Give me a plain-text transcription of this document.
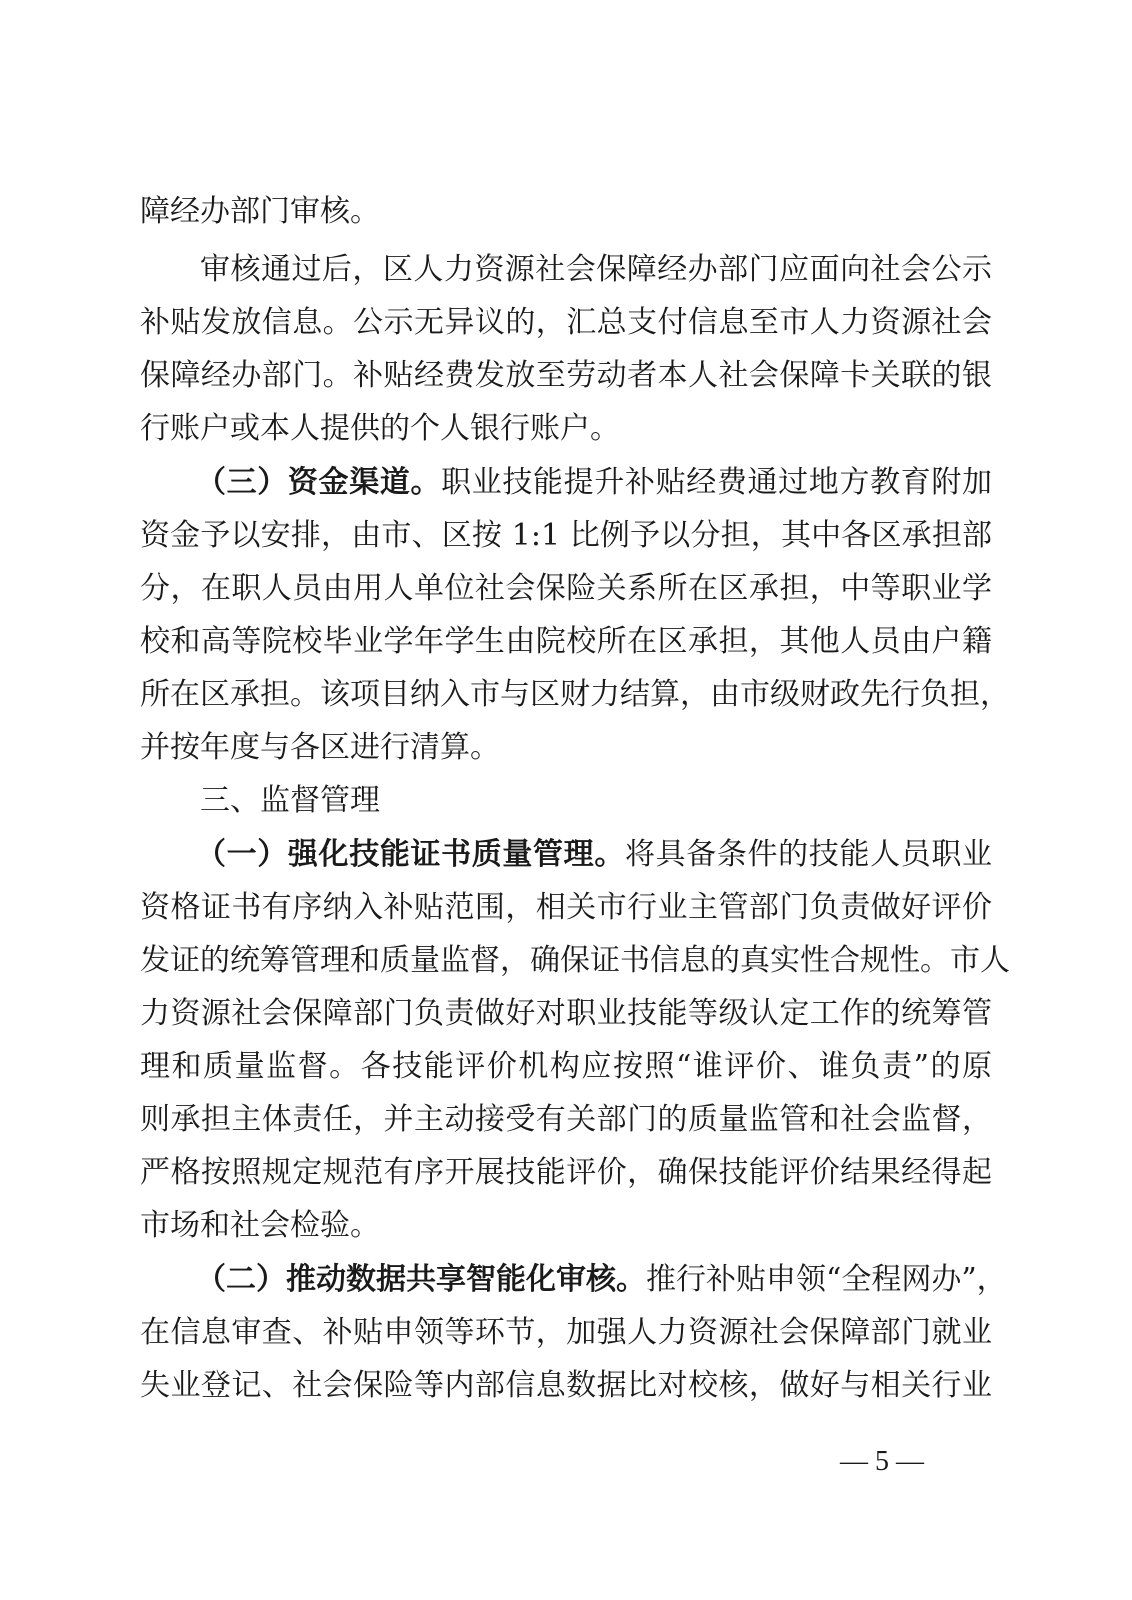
障经办部门审核。
审核通过后，区人力资源社会保障经办部门应面向社会公示
补贴发放信息。公示无异议的，汇总支付信息至市人力资源社会
保障经办部门。补贴经费发放至劳动者本人社会保障卡关联的银
行账户或本人提供的个人银行账户。
（三）资金渠道。职业技能提升补贴经费通过地方教育附加
资金予以安排，由市、区按 1:1 比例予以分担，其中各区承担部
分，在职人员由用人单位社会保险关系所在区承担，中等职业学
校和高等院校毕业学年学生由院校所在区承担，其他人员由户籍
所在区承担。该项目纳入市与区财力结算，由市级财政先行负担，
并按年度与各区进行清算。
三、监督管理
（一）强化技能证书质量管理。将具备条件的技能人员职业
资格证书有序纳入补贴范围，相关市行业主管部门负责做好评价
发证的统筹管理和质量监督，确保证书信息的真实性合规性。市人
力资源社会保障部门负责做好对职业技能等级认定工作的统筹管
理和质量监督。各技能评价机构应按照“谁评价、谁负责”的原
则承担主体责任，并主动接受有关部门的质量监管和社会监督，
严格按照规定规范有序开展技能评价，确保技能评价结果经得起
市场和社会检验。
（二）推动数据共享智能化审核。推行补贴申领“全程网办”，
在信息审查、补贴申领等环节，加强人力资源社会保障部门就业
失业登记、社会保险等内部信息数据比对校核，做好与相关行业
— 5 —
